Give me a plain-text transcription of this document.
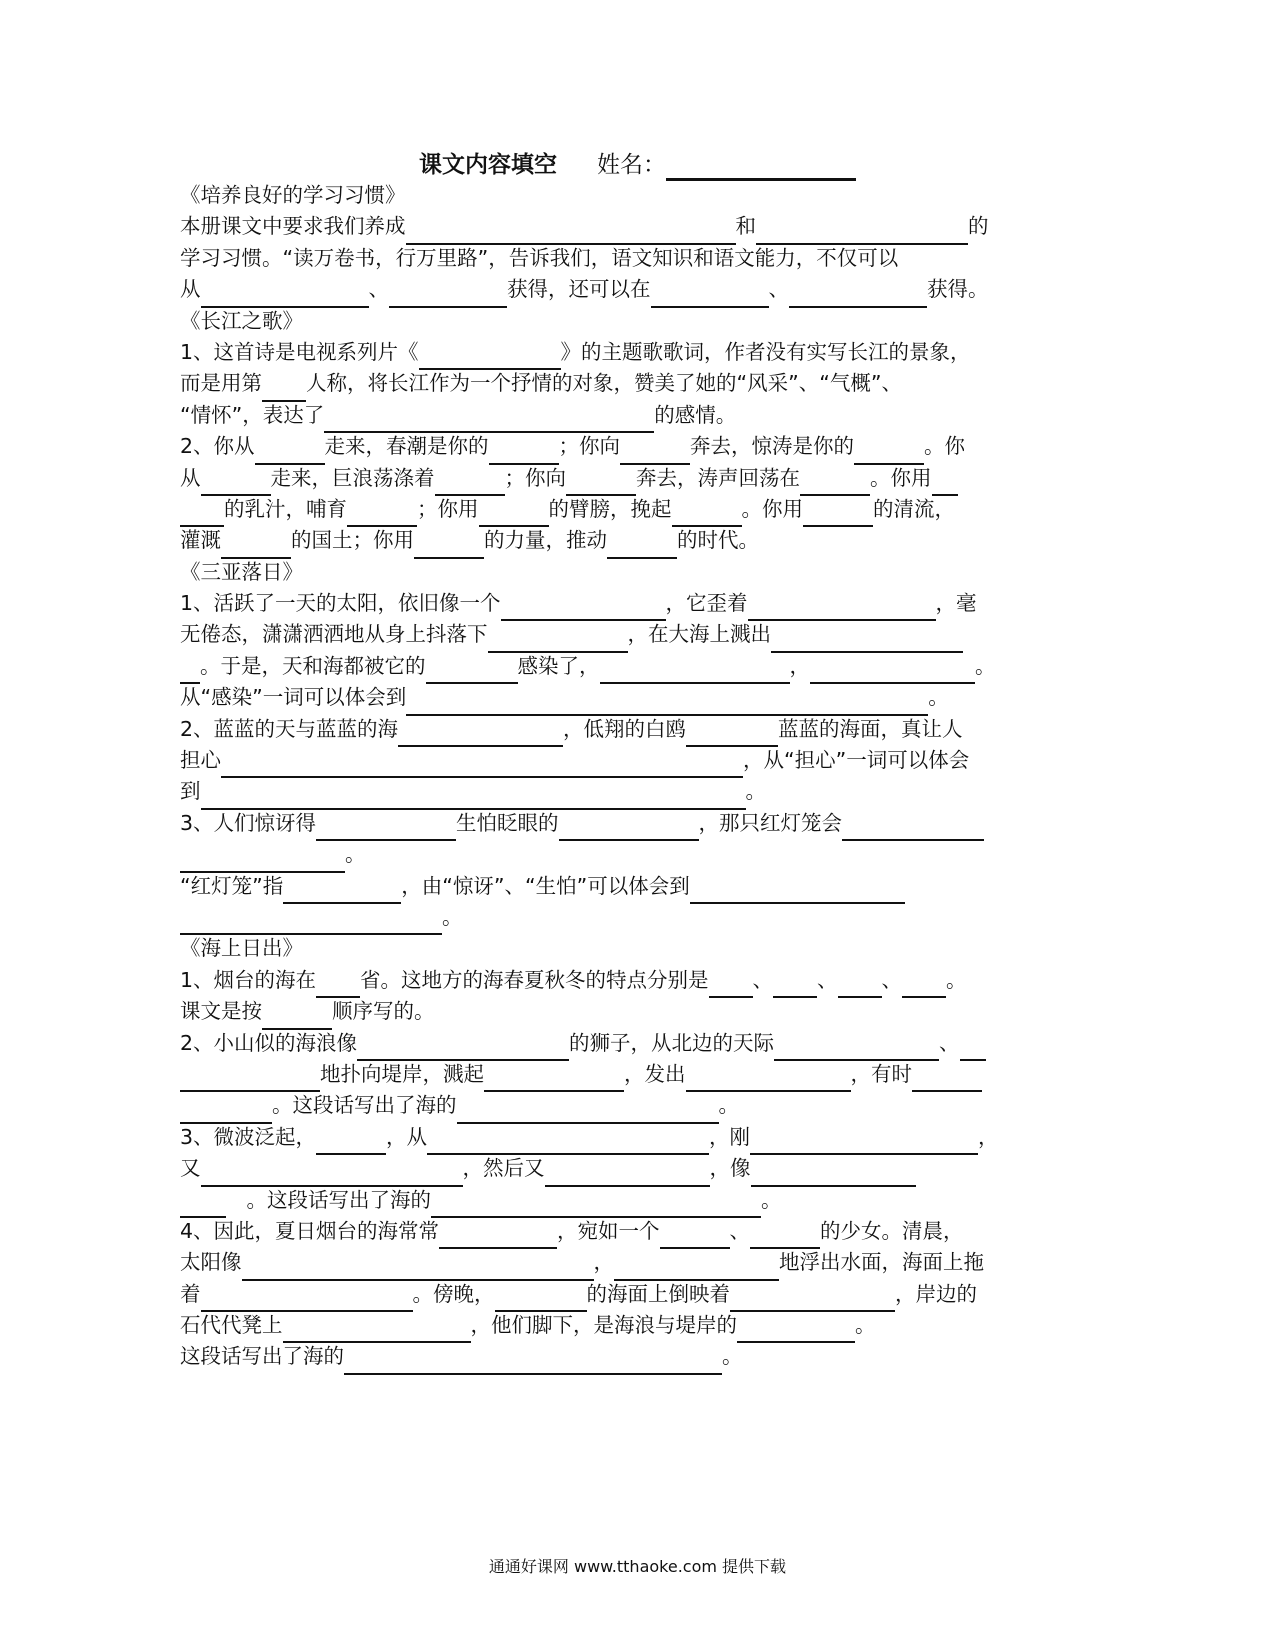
课文内容填空 姓名：
《培养良好的学习习惯》
本册课文中要求我们养成	和	的
学习习惯。“读万卷书，行万里路”，告诉我们，语文知识和语文能力，不仅可以
从	、	获得，还可以在	、	获得。
《长江之歌》
1、这首诗是电视系列片《	》的主题歌歌词，作者没有实写长江的景象，
而是用第 人称，将长江作为一个抒情的对象，赞美了她的“风采”、“气概”、
“情怀”，表达了	的感情。
2、你从	走来，春潮是你的	；你向	奔去，惊涛是你的	。你
从	走来，巨浪荡涤着	；你向	奔去，涛声回荡在	。你用
的乳汁，哺育	；你用	的臂膀，挽起	。你用	的清流，
灌溉	的国土；你用	的力量，推动	的时代。
《三亚落日》
1、活跃了一天的太阳，依旧像一个	，它歪着	，毫
无倦态，潇潇洒洒地从身上抖落下	，在大海上溅出
。于是，天和海都被它的	感染了，	，	。
从“感染”一词可以体会到	。
2、蓝蓝的天与蓝蓝的海	，低翔的白鸥	蓝蓝的海面，真让人
担心	，从“担心”一词可以体会
到	。
3、人们惊讶得	生怕眨眼的	，那只红灯笼会
。
“红灯笼”指	，由“惊讶”、“生怕”可以体会到
。
《海上日出》
1、烟台的海在 省。这地方的海春夏秋冬的特点分别是 、 、 、 。
课文是按	顺序写的。
2、小山似的海浪像	的狮子，从北边的天际	、
地扑向堤岸，溅起	，发出	，有时
。这段话写出了海的	。
3、微波泛起，	，从	，刚	，
又	，然后又	，像
　。这段话写出了海的	。
4、因此，夏日烟台的海常常	，宛如一个	、	的少女。清晨，
太阳像	，	地浮出水面，海面上拖
着	。傍晚，	的海面上倒映着	，岸边的
石代代凳上	，他们脚下，是海浪与堤岸的	。
这段话写出了海的	。
通通好课网 www.tthaoke.com 提供下载
